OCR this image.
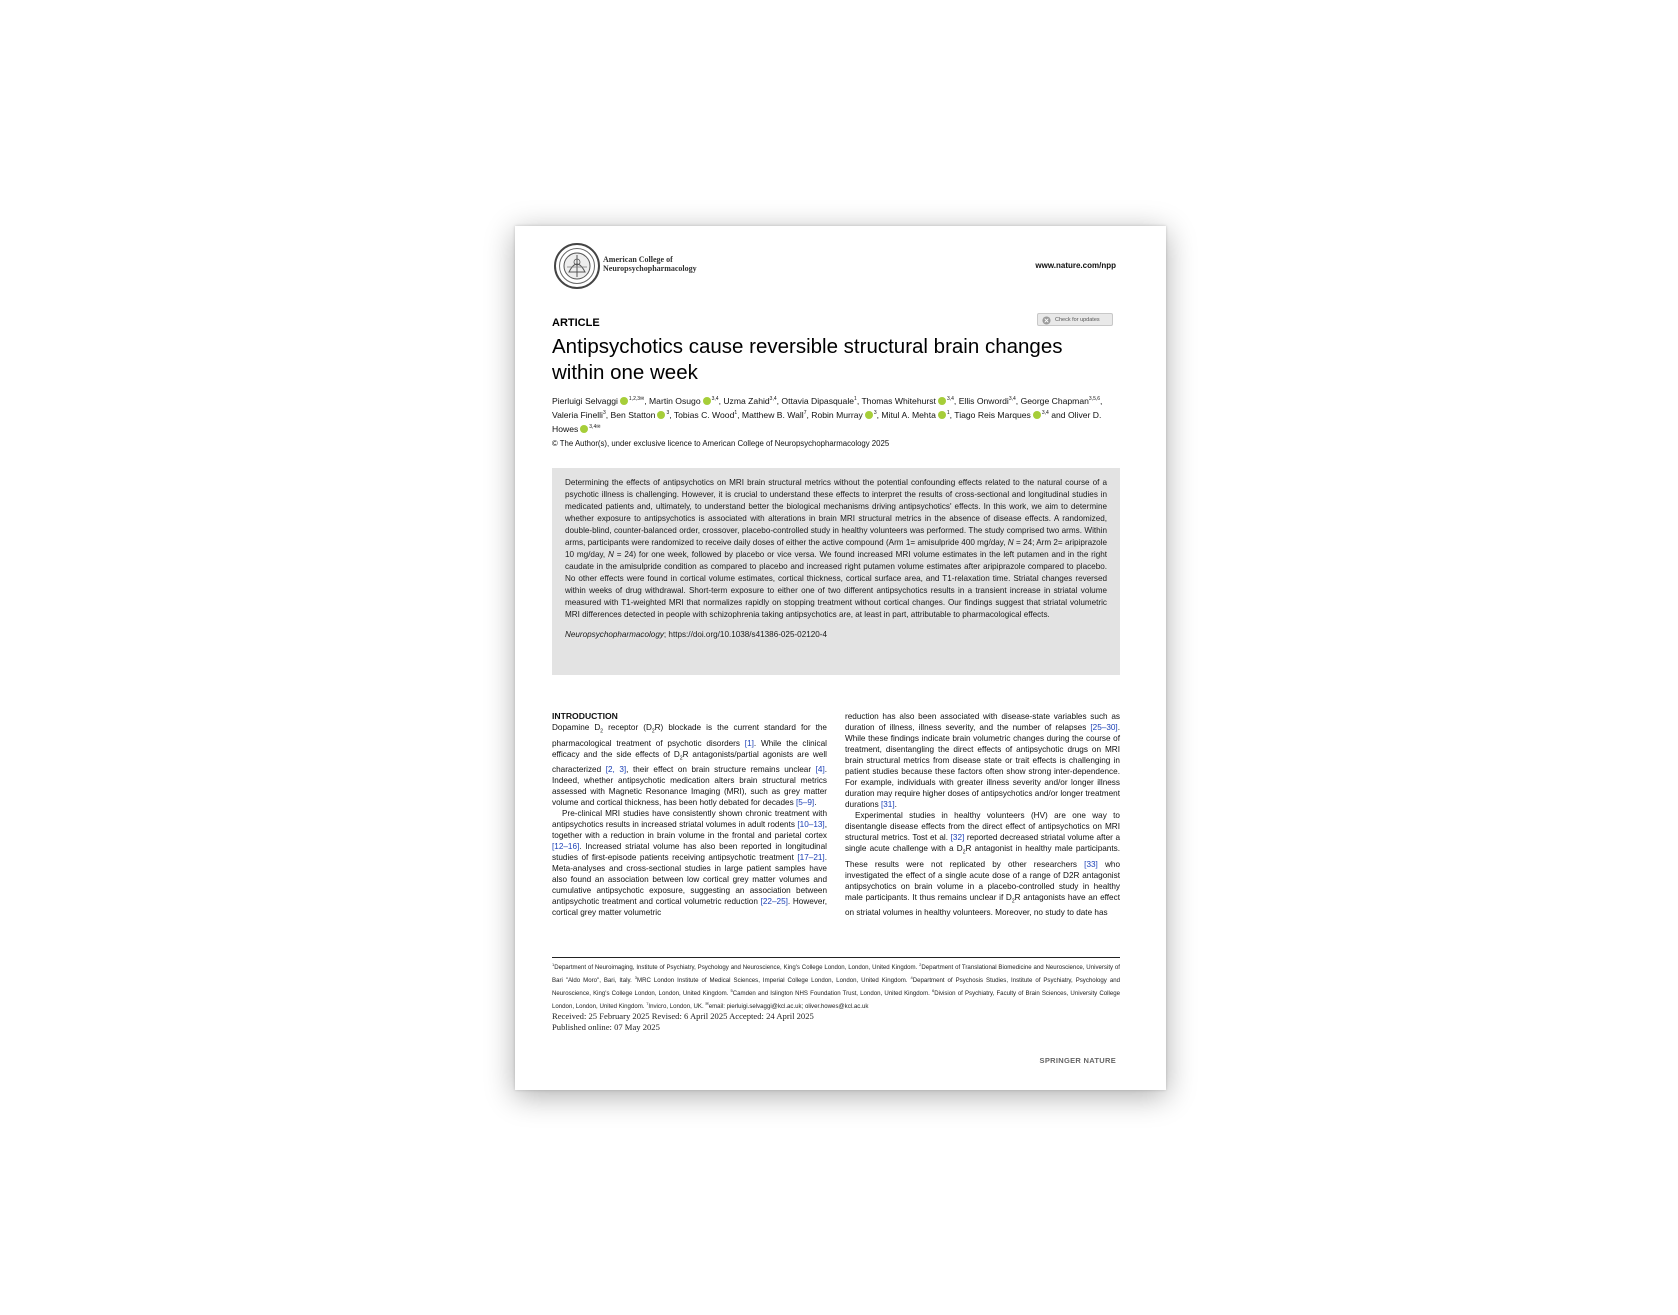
American College of
Neuropsychopharmacology	www.nature.com/npp
ARTICLE	Check for updates
Antipsychotics cause reversible structural brain changes within one week
Pierluigi Selvaggi $^{1,2,3✉}$, Martin Osugo $^{3,4}$, Uzma Zahid$^{3,4}$, Ottavia Dipasquale$^1$, Thomas Whitehurst $^{3,4}$, Ellis Onwordi$^{3,4}$, George Chapman$^{3,5,6}$, Valeria Finelli$^3$, Ben Statton $^3$, Tobias C. Wood$^1$, Matthew B. Wall$^7$, Robin Murray $^3$, Mitul A. Mehta $^1$, Tiago Reis Marques $^{3,4}$ and Oliver D. Howes $^{3,4✉}$
© The Author(s), under exclusive licence to American College of Neuropsychopharmacology 2025
Determining the effects of antipsychotics on MRI brain structural metrics without the potential confounding effects related to the natural course of a psychotic illness is challenging. However, it is crucial to understand these effects to interpret the results of cross-sectional and longitudinal studies in medicated patients and, ultimately, to understand better the biological mechanisms driving antipsychotics' effects. In this work, we aim to determine whether exposure to antipsychotics is associated with alterations in brain MRI structural metrics in the absence of disease effects. A randomized, double-blind, counter-balanced order, crossover, placebo-controlled study in healthy volunteers was performed. The study comprised two arms. Within arms, participants were randomized to receive daily doses of either the active compound (Arm 1= amisulpride 400 mg/day, N = 24; Arm 2= aripiprazole 10 mg/day, N = 24) for one week, followed by placebo or vice versa. We found increased MRI volume estimates in the left putamen and in the right caudate in the amisulpride condition as compared to placebo and increased right putamen volume estimates after aripiprazole compared to placebo. No other effects were found in cortical volume estimates, cortical thickness, cortical surface area, and T1-relaxation time. Striatal changes reversed within weeks of drug withdrawal. Short-term exposure to either one of two different antipsychotics results in a transient increase in striatal volume measured with T1-weighted MRI that normalizes rapidly on stopping treatment without cortical changes. Our findings suggest that striatal volumetric MRI differences detected in people with schizophrenia taking antipsychotics are, at least in part, attributable to pharmacological effects.
Neuropsychopharmacology; https://doi.org/10.1038/s41386-025-02120-4
INTRODUCTION

Dopamine $D_2$ receptor $(D_2R)$ blockade is the current standard for the pharmacological treatment of psychotic disorders [1]. While the clinical efficacy and the side effects of $D_2R$ antagonists/partial agonists are well characterized [2, 3], their effect on brain structure remains unclear [4]. Indeed, whether antipsychotic medication alters brain structural metrics assessed with Magnetic Resonance Imaging (MRI), such as grey matter volume and cortical thickness, has been hotly debated for decades [5–9].

Pre-clinical MRI studies have consistently shown chronic treatment with antipsychotics results in increased striatal volumes in adult rodents [10–13], together with a reduction in brain volume in the frontal and parietal cortex [12–16]. Increased striatal volume has also been reported in longitudinal studies of first-episode patients receiving antipsychotic treatment [17–21]. Meta-analyses and cross-sectional studies in large patient samples have also found an association between low cortical grey matter volumes and cumulative antipsychotic exposure, suggesting an association between antipsychotic treatment and cortical volumetric reduction [22–25]. However, cortical grey matter volumetric

reduction has also been associated with disease-state variables such as duration of illness, illness severity, and the number of relapses [25–30]. While these findings indicate brain volumetric changes during the course of treatment, disentangling the direct effects of antipsychotic drugs on MRI brain structural metrics from disease state or trait effects is challenging in patient studies because these factors often show strong inter-dependence. For example, individuals with greater illness severity and/or longer illness duration may require higher doses of antipsychotics and/or longer treatment durations [31].

Experimental studies in healthy volunteers (HV) are one way to disentangle disease effects from the direct effect of antipsychotics on MRI structural metrics. Tost et al. [32] reported decreased striatal volume after a single acute challenge with a $D_2R$ antagonist in healthy male participants. These results were not replicated by other researchers [33] who investigated the effect of a single acute dose of a range of D2R antagonist antipsychotics on brain volume in a placebo-controlled study in healthy male participants. It thus remains unclear if $D_2R$ antagonists have an effect on striatal volumes in healthy volunteers. Moreover, no study to date has

$^1$Department of Neuroimaging, Institute of Psychiatry, Psychology and Neuroscience, King's College London, London, United Kingdom. $^2$Department of Translational Biomedicine and Neuroscience, University of Bari "Aldo Moro", Bari, Italy. $^3$MRC London Institute of Medical Sciences, Imperial College London, London, United Kingdom. $^4$Department of Psychosis Studies, Institute of Psychiatry, Psychology and Neuroscience, King's College London, London, United Kingdom. $^5$Camden and Islington NHS Foundation Trust, London, United Kingdom. $^6$Division of Psychiatry, Faculty of Brain Sciences, University College London, London, United Kingdom. $^7$Invicro, London, UK. ✉email: pierluigi.selvaggi@kcl.ac.uk; oliver.howes@kcl.ac.uk
Received: 25 February 2025 Revised: 6 April 2025 Accepted: 24 April 2025
Published online: 07 May 2025
SPRINGER NATURE
